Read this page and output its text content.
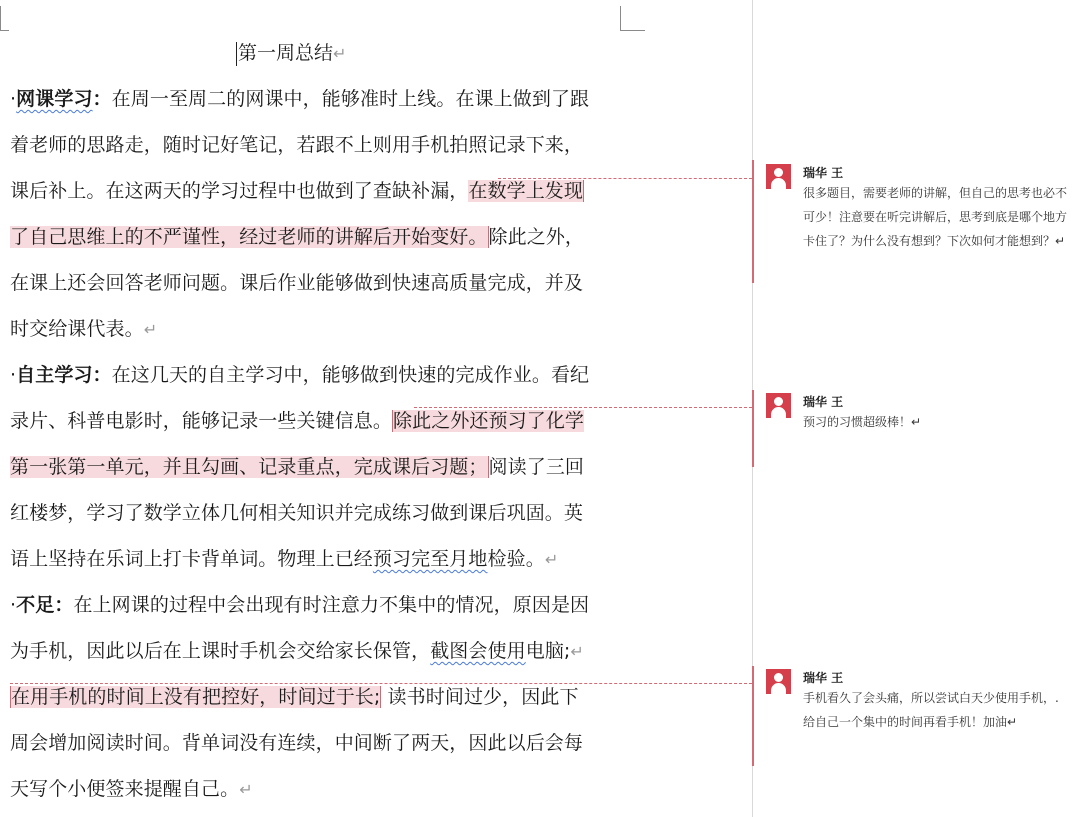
第一周总结↵
·网课学习：在周一至周二的网课中，能够准时上线。在课上做到了跟
着老师的思路走，随时记好笔记，若跟不上则用手机拍照记录下来，
课后补上。在这两天的学习过程中也做到了查缺补漏，在数学上发现
了自己思维上的不严谨性，经过老师的讲解后开始变好。除此之外，
在课上还会回答老师问题。课后作业能够做到快速高质量完成，并及
时交给课代表。↵
·自主学习：在这几天的自主学习中，能够做到快速的完成作业。看纪
录片、科普电影时，能够记录一些关键信息。除此之外还预习了化学
第一张第一单元，并且勾画、记录重点，完成课后习题；阅读了三回
红楼梦，学习了数学立体几何相关知识并完成练习做到课后巩固。英
语上坚持在乐词上打卡背单词。物理上已经预习完至月地检验。↵
·不足：在上网课的过程中会出现有时注意力不集中的情况，原因是因
为手机，因此以后在上课时手机会交给家长保管，截图会使用电脑;↵
在用手机的时间上没有把控好，时间过于长; 读书时间过少，因此下
周会增加阅读时间。背单词没有连续，中间断了两天，因此以后会每
天写个小便签来提醒自己。↵
瑞华 王
很多题目，需要老师的讲解，但自己的思考也必不
可少！注意要在听完讲解后，思考到底是哪个地方
卡住了？为什么没有想到？下次如何才能想到？↵
瑞华 王
预习的习惯超级棒！↵
瑞华 王
手机看久了会头痛，所以尝试白天少使用手机，.
给自己一个集中的时间再看手机！加油↵
